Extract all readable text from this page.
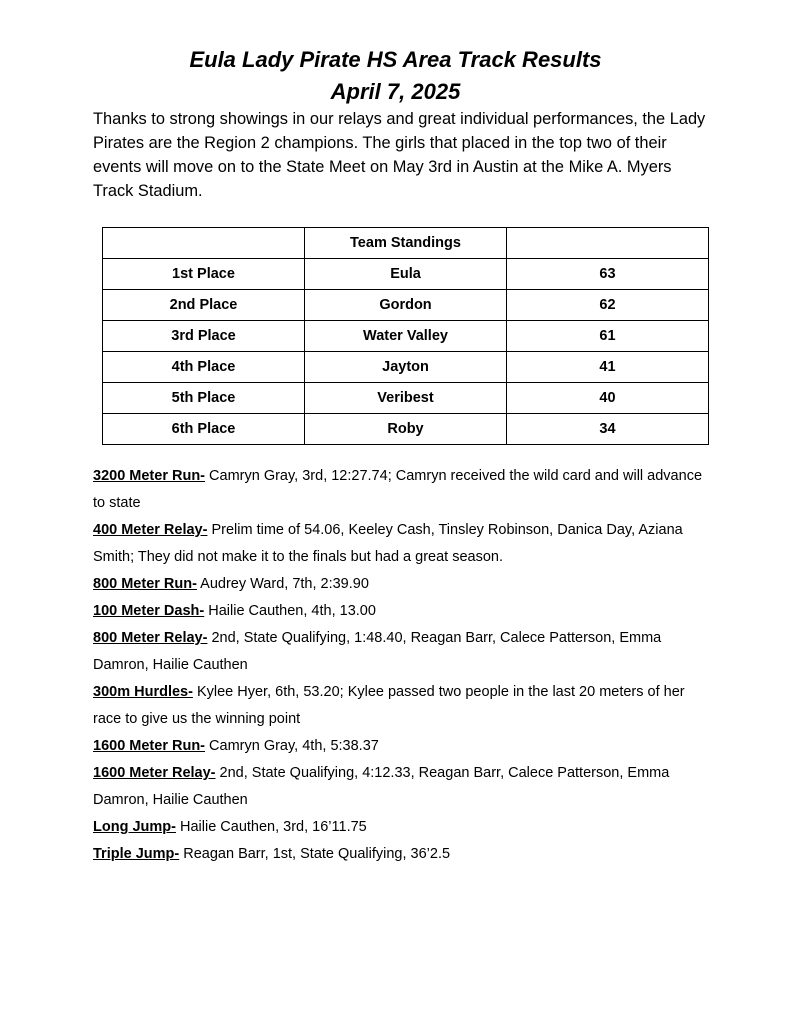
Eula Lady Pirate HS Area Track Results
April 7, 2025

Thanks to strong showings in our relays and great individual performances, the Lady Pirates are the Region 2 champions. The girls that placed in the top two of their events will move on to the State Meet on May 3rd in Austin at the Mike A. Myers Track Stadium.

	Team Standings	
1st Place	Eula	63
2nd Place	Gordon	62
3rd Place	Water Valley	61
4th Place	Jayton	41
5th Place	Veribest	40
6th Place	Roby	34
3200 Meter Run- Camryn Gray, 3rd, 12:27.74; Camryn received the wild card and will advance to state
400 Meter Relay- Prelim time of 54.06, Keeley Cash, Tinsley Robinson, Danica Day, Aziana Smith; They did not make it to the finals but had a great season.
800 Meter Run- Audrey Ward, 7th, 2:39.90
100 Meter Dash- Hailie Cauthen, 4th, 13.00
800 Meter Relay- 2nd, State Qualifying, 1:48.40, Reagan Barr, Calece Patterson, Emma Damron, Hailie Cauthen
300m Hurdles- Kylee Hyer, 6th, 53.20; Kylee passed two people in the last 20 meters of her race to give us the winning point
1600 Meter Run- Camryn Gray, 4th, 5:38.37
1600 Meter Relay- 2nd, State Qualifying, 4:12.33, Reagan Barr, Calece Patterson, Emma Damron, Hailie Cauthen
Long Jump- Hailie Cauthen, 3rd, 16’11.75
Triple Jump- Reagan Barr, 1st, State Qualifying, 36’2.5
